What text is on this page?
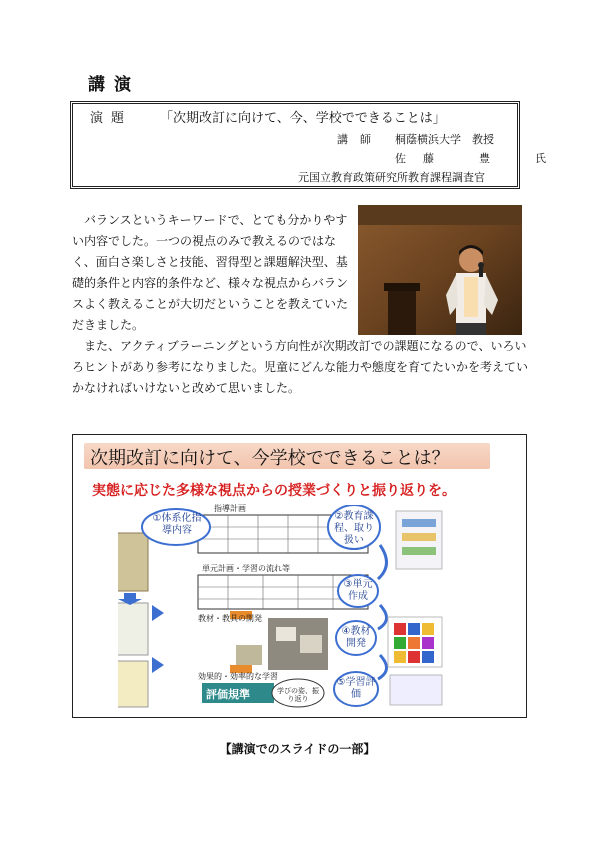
講演
演題 「次期改訂に向けて、今、学校でできることは」
講師 桐蔭横浜大学　教授
佐藤　豊　氏
元国立教育政策研究所教育課程調査官
　バランスというキーワードで、とても分かりやすい内容でした。一つの視点のみで教えるのではなく、面白さ楽しさと技能、習得型と課題解決型、基礎的条件と内容的条件など、様々な視点からバランスよく教えることが大切だということを教えていただきました。
　また、アクティブラーニングという方向性が次期改訂での課題になるので、いろいろヒントがあり参考になりました。児童にどんな能力や態度を育てたいかを考えていかなければいけないと改めて思いました。
次期改訂に向けて、今学校でできることは？
実態に応じた多様な視点からの授業づくりと振り返りを。
①体系化指導内容
②教育課程、取り扱い
③単元作成
④教材開発
⑤学習評価
指導計画
単元計画・学習の流れ等
教材・教具の開発
効果的・効率的な学習
評価規準	学びの姿、振り返り
【講演でのスライドの一部】
